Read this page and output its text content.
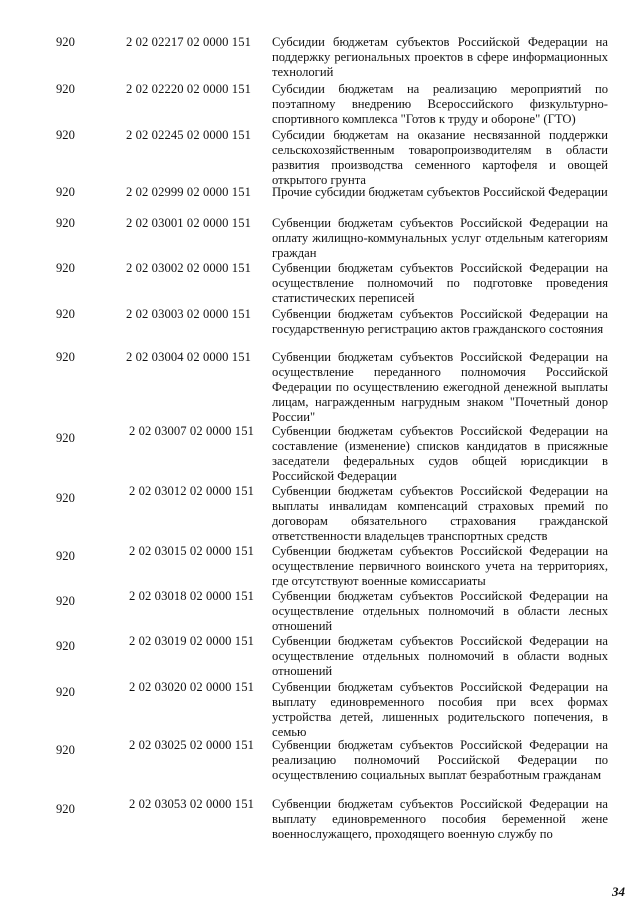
920	2 02 02217 02 0000 151 Субсидии бюджетам субъектов Российской Федерации на поддержку региональных проектов в сфере информационных технологий
920	2 02 02220 02 0000 151 Субсидии бюджетам на реализацию мероприятий по поэтапному внедрению Всероссийского физкультурно-спортивного комплекса "Готов к труду и обороне" (ГТО)
920	2 02 02245 02 0000 151 Субсидии бюджетам на оказание несвязанной поддержки сельскохозяйственным товаропроизводителям в области развития производства семенного картофеля и овощей открытого грунта
920	2 02 02999 02 0000 151 Прочие субсидии бюджетам субъектов Российской Федерации
920	2 02 03001 02 0000 151 Субвенции бюджетам субъектов Российской Федерации на оплату жилищно-коммунальных услуг отдельным категориям граждан
920	2 02 03002 02 0000 151 Субвенции бюджетам субъектов Российской Федерации на осуществление полномочий по подготовке проведения статистических переписей
920	2 02 03003 02 0000 151 Субвенции бюджетам субъектов Российской Федерации на государственную регистрацию актов гражданского состояния
920	2 02 03004 02 0000 151 Субвенции бюджетам субъектов Российской Федерации на осуществление переданного полномочия Российской Федерации по осуществлению ежегодной денежной выплаты лицам, награжденным нагрудным знаком "Почетный донор России"
920	2 02 03007 02 0000 151 Субвенции бюджетам субъектов Российской Федерации на составление (изменение) списков кандидатов в присяжные заседатели федеральных судов общей юрисдикции в Российской Федерации
920	2 02 03012 02 0000 151 Субвенции бюджетам субъектов Российской Федерации на выплаты инвалидам компенсаций страховых премий по договорам обязательного страхования гражданской ответственности владельцев транспортных средств
920	2 02 03015 02 0000 151 Субвенции бюджетам субъектов Российской Федерации на осуществление первичного воинского учета на территориях, где отсутствуют военные комиссариаты
920	2 02 03018 02 0000 151 Субвенции бюджетам субъектов Российской Федерации на осуществление отдельных полномочий в области лесных отношений
920	2 02 03019 02 0000 151 Субвенции бюджетам субъектов Российской Федерации на осуществление отдельных полномочий в области водных отношений
920	2 02 03020 02 0000 151 Субвенции бюджетам субъектов Российской Федерации на выплату единовременного пособия при всех формах устройства детей, лишенных родительского попечения, в семью
920	2 02 03025 02 0000 151 Субвенции бюджетам субъектов Российской Федерации на реализацию полномочий Российской Федерации по осуществлению социальных выплат безработным гражданам
920	2 02 03053 02 0000 151 Субвенции бюджетам субъектов Российской Федерации на выплату единовременного пособия беременной жене военнослужащего, проходящего военную службу по
34
